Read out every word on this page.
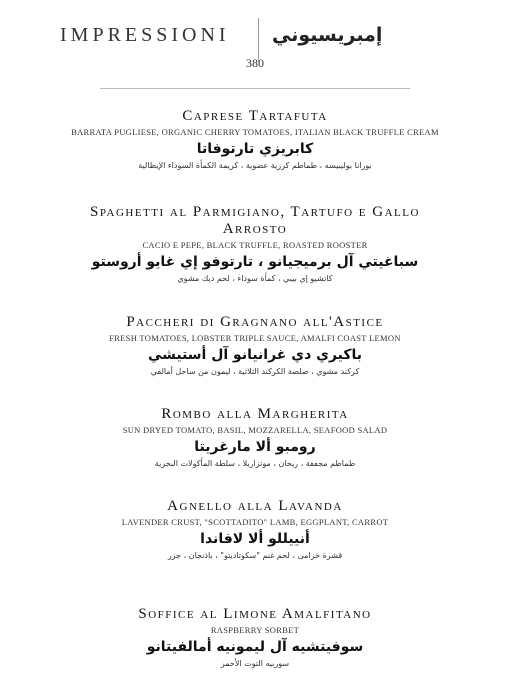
IMPRESSIONI إمبريسيوني
380
Caprese Tartafuta
BARRATA PUGLIESE, ORGANIC CHERRY TOMATOES, ITALIAN BLACK TRUFFLE CREAM
كابريزي تارتوفاتا
بورانا بوليبيسه ، طماطم كرزية عضوية ، كريمة الكمأة السوداء الإيطالية
Spaghetti al Parmigiano, Tartufo e Gallo Arrosto
CACIO E PEPE, BLACK TRUFFLE, ROASTED ROOSTER
سباغيتي آل برميجيانو ، تارتوفو إي غايو أروستو
كاتشيو إي بيبي ، كمأة سوداء ، لحم ديك مشوي
Paccheri di Gragnano all'Astice
FRESH TOMATOES, LOBSTER TRIPLE SAUCE, AMALFI COAST LEMON
باكيري دي غرانيانو آل أستيشي
كركند مشوي ، صلصة الكركند الثلاثية ، ليمون من ساحل أمالفي
Rombo alla Margherita
SUN DRYED TOMATO, BASIL, MOZZARELLA, SEAFOOD SALAD
رومبو ألا مارغريتا
طماطم مجففة ، ريحان ، موتزاريلا ، سلطة المأكولات البحرية
Agnello alla Lavanda
LAVENDER CRUST, "SCOTTADITO" LAMB, EGGPLANT, CARROT
أنييللو ألا لافاندا
قشرة خزامى ، لحم غنم "سكوتاديتو" ، باذنجان ، جزر
Soffice al Limone Amalfitano
RASPBERRY SORBET
سوفيتشيه آل ليمونيه أمالفيتانو
سوربيه التوت الأحمر
